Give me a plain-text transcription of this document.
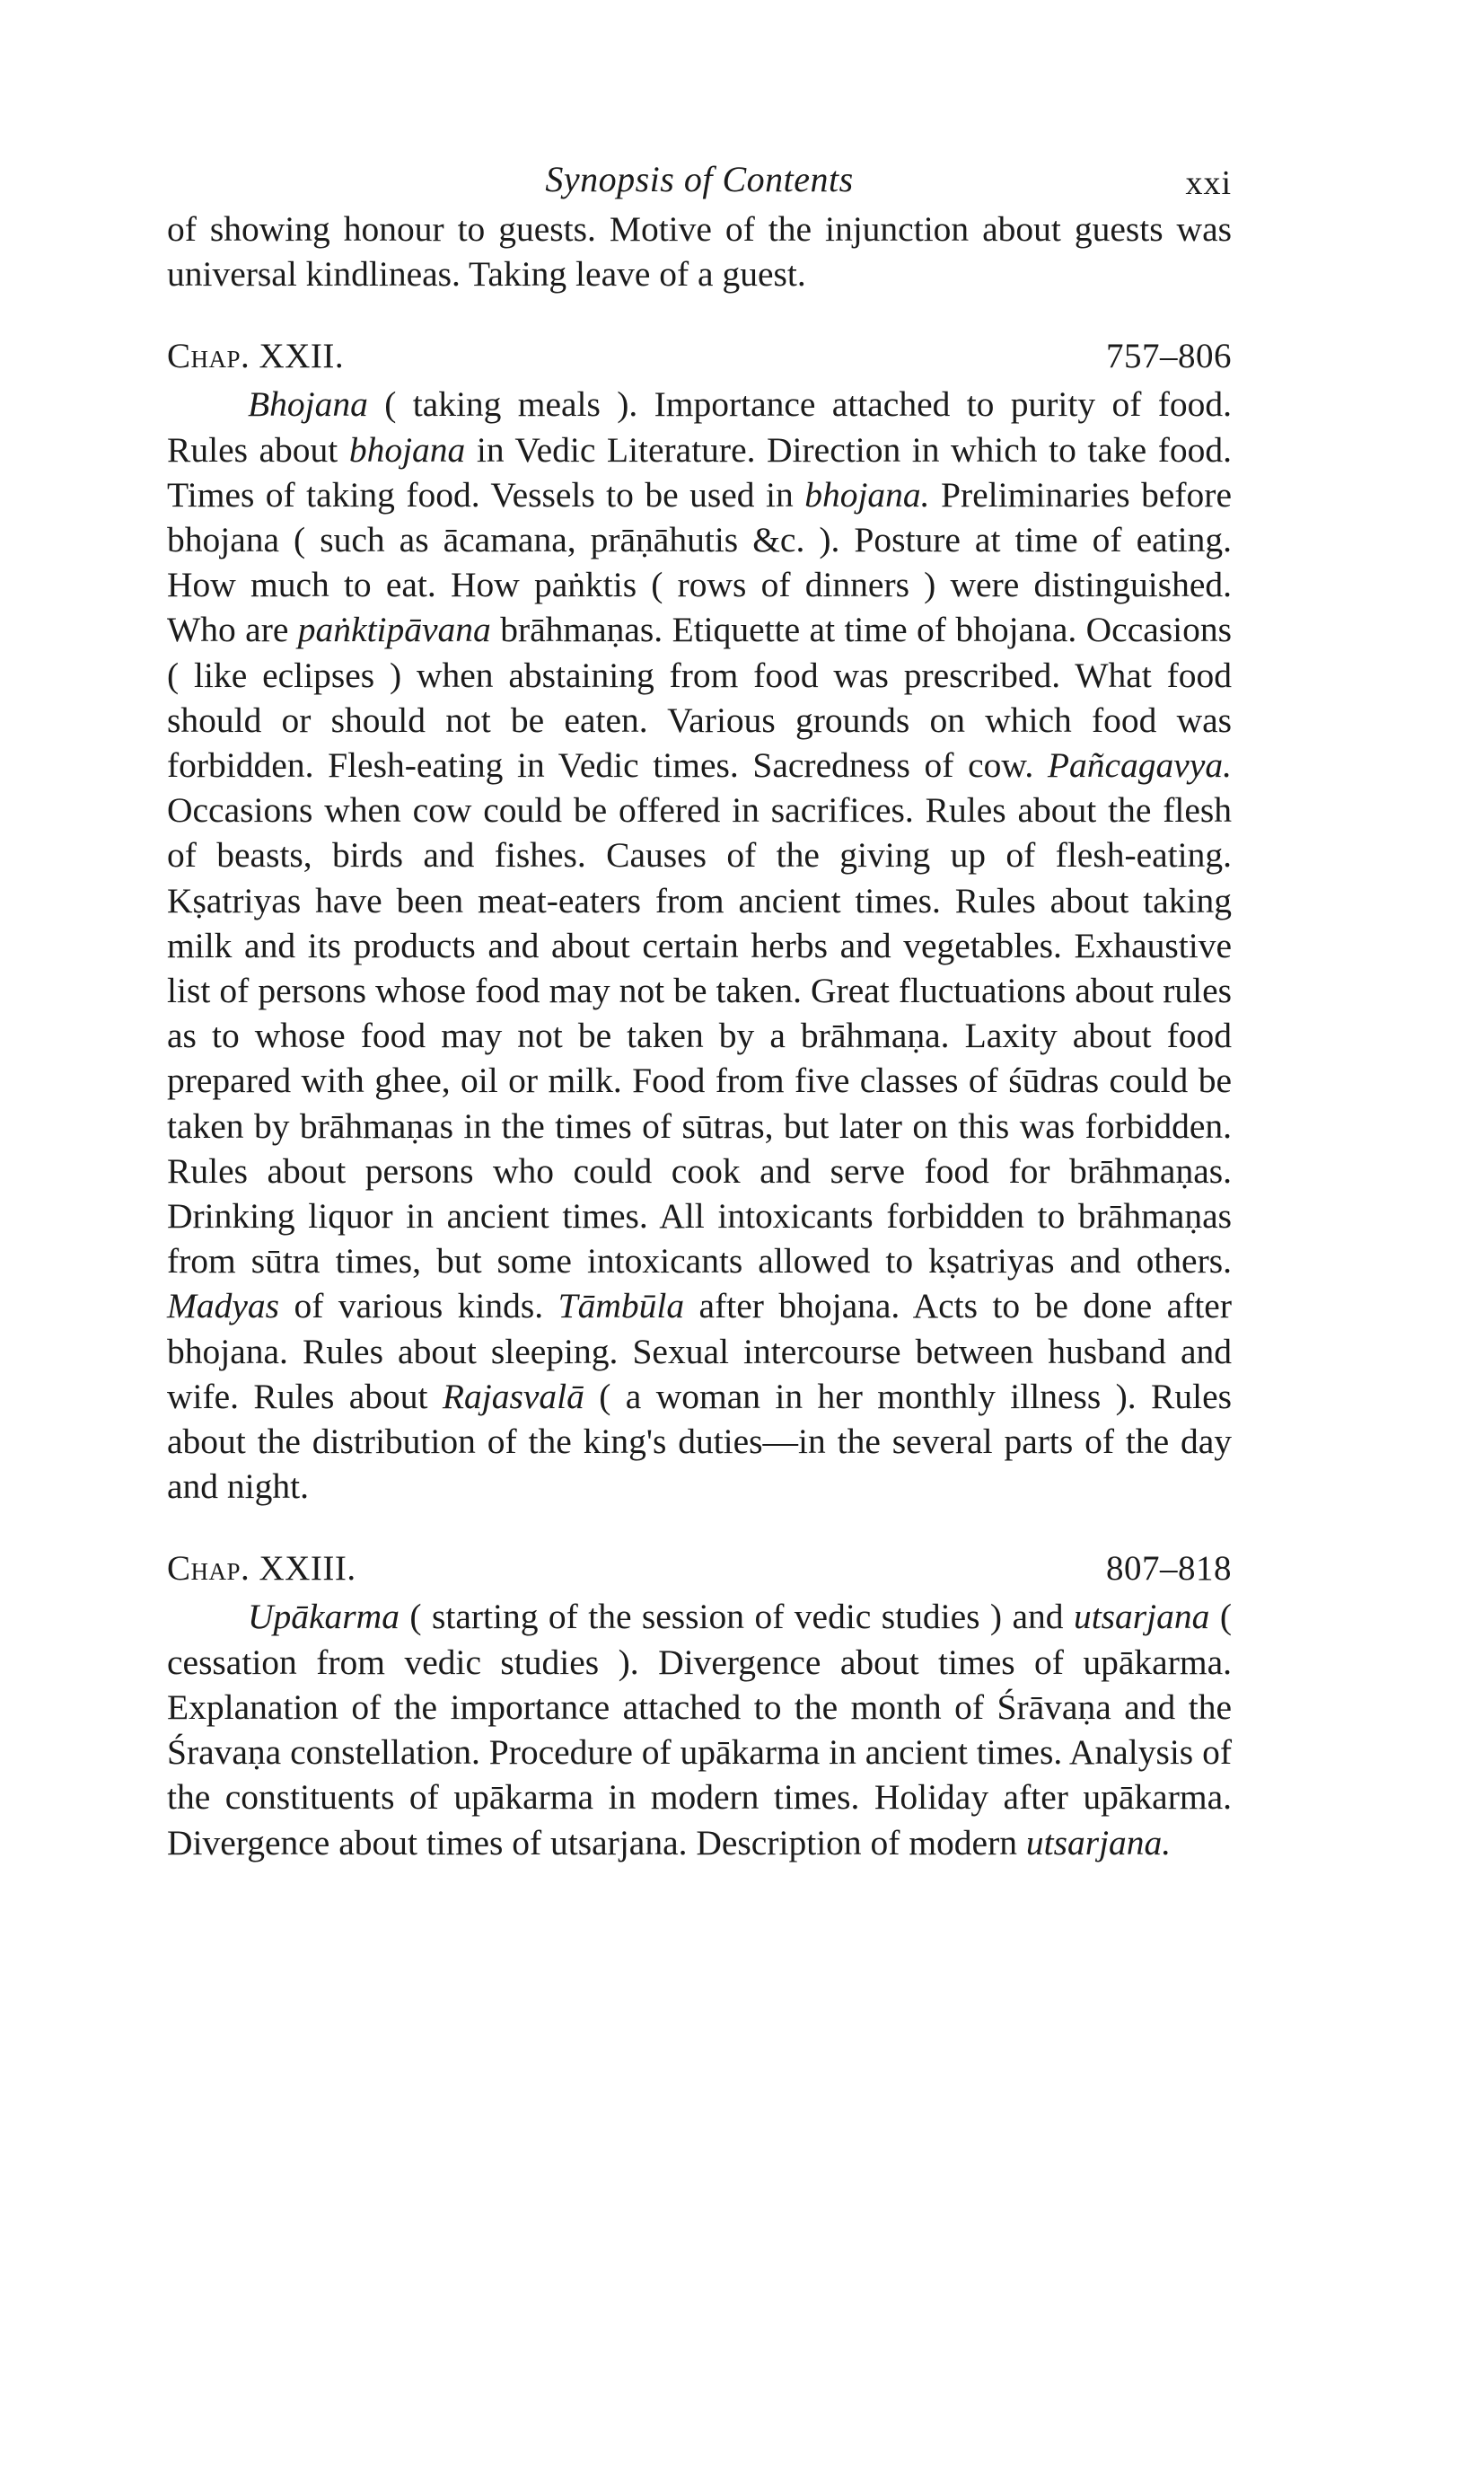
Synopsis of Contents	xxi

of showing honour to guests. Motive of the injunction about guests was universal kindlineas. Taking leave of a guest.

Chap. XXII.	757–806

Bhojana ( taking meals ). Importance attached to purity of food. Rules about bhojana in Vedic Literature. Direction in which to take food. Times of taking food. Vessels to be used in bhojana. Preliminaries before bhojana ( such as ācamana, prāṇāhutis &c. ). Posture at time of eating. How much to eat. How paṅktis ( rows of dinners ) were distinguished. Who are paṅktipāvana brāhmaṇas. Etiquette at time of bhojana. Occasions ( like eclipses ) when abstaining from food was prescribed. What food should or should not be eaten. Various grounds on which food was forbidden. Flesh-eating in Vedic times. Sacredness of cow. Pañcagavya. Occasions when cow could be offered in sacrifices. Rules about the flesh of beasts, birds and fishes. Causes of the giving up of flesh-eating. Kṣatriyas have been meat-eaters from ancient times. Rules about taking milk and its products and about certain herbs and vegetables. Exhaustive list of persons whose food may not be taken. Great fluctuations about rules as to whose food may not be taken by a brāhmaṇa. Laxity about food prepared with ghee, oil or milk. Food from five classes of śūdras could be taken by brāhmaṇas in the times of sūtras, but later on this was forbidden. Rules about persons who could cook and serve food for brāhmaṇas. Drinking liquor in ancient times. All intoxicants forbidden to brāhmaṇas from sūtra times, but some intoxicants allowed to kṣatriyas and others. Madyas of various kinds. Tāmbūla after bhojana. Acts to be done after bhojana. Rules about sleeping. Sexual intercourse between husband and wife. Rules about Rajasvalā ( a woman in her monthly illness ). Rules about the distribution of the king's duties—in the several parts of the day and night.

Chap. XXIII.	807–818

Upākarma ( starting of the session of vedic studies ) and utsarjana ( cessation from vedic studies ). Divergence about times of upākarma. Explanation of the importance attached to the month of Śrāvaṇa and the Śravaṇa constellation. Procedure of upākarma in ancient times. Analysis of the constituents of upākarma in modern times. Holiday after upākarma. Divergence about times of utsarjana. Description of modern utsarjana.
